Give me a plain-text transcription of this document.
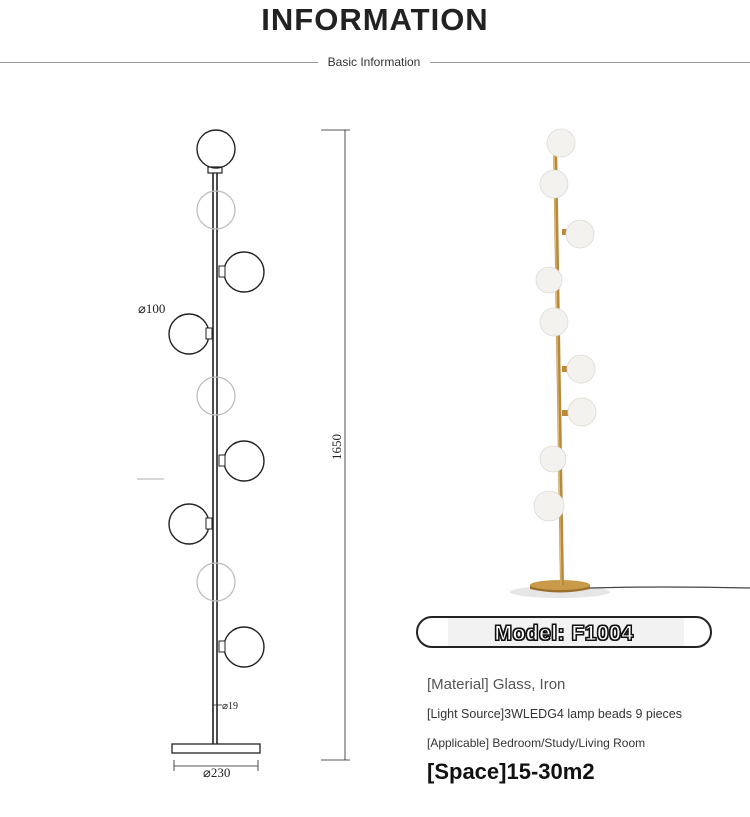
INFORMATION
Basic Information
⌀100
1650
⌀19
⌀230
Model: F1004
[Material] Glass, Iron
[Light Source]3WLEDG4 lamp beads 9 pieces
[Applicable] Bedroom/Study/Living Room
[Space]15-30m2
